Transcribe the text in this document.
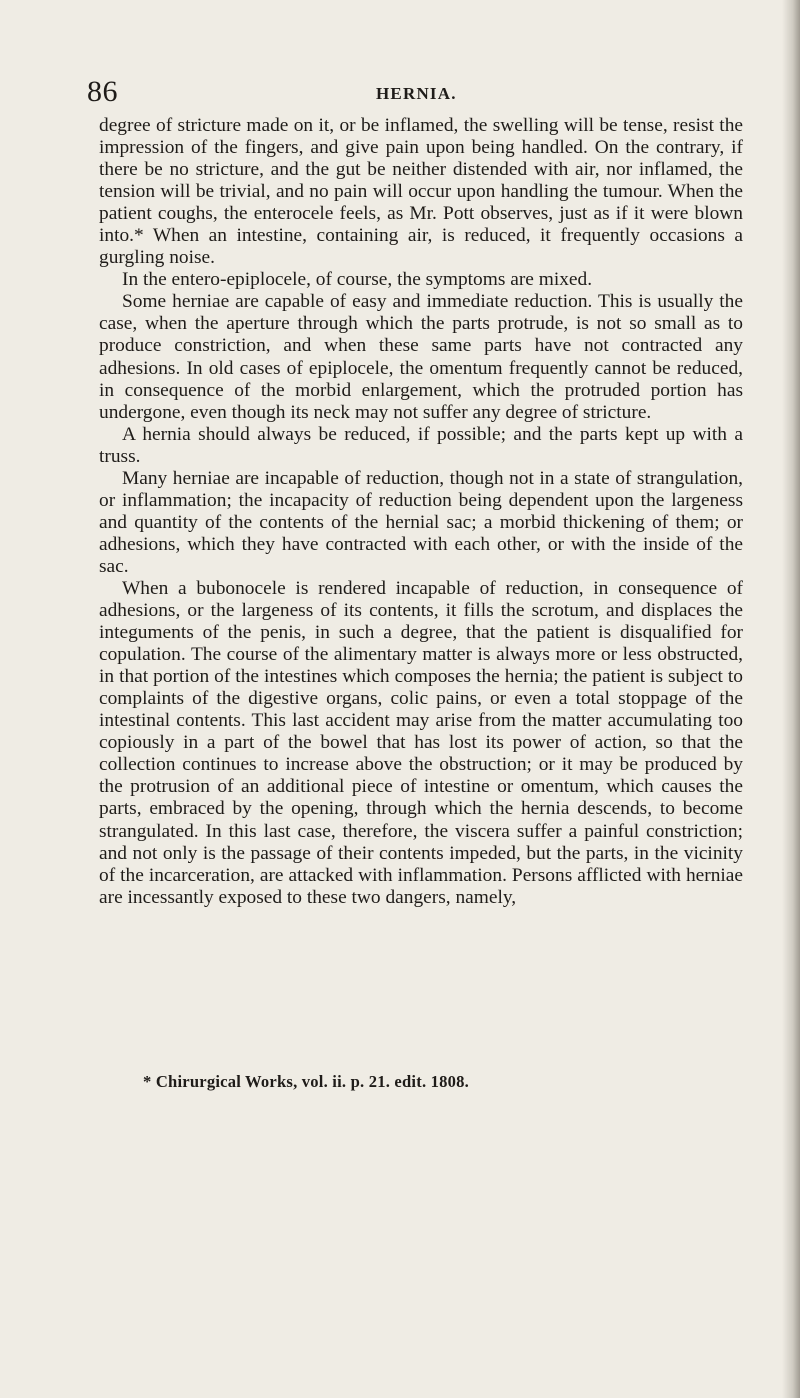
86	HERNIA.

degree of stricture made on it, or be inflamed, the swelling will be tense, resist the impression of the fingers, and give pain upon being handled. On the contrary, if there be no stricture, and the gut be neither distended with air, nor inflamed, the tension will be trivial, and no pain will occur upon handling the tumour. When the patient coughs, the enterocele feels, as Mr. Pott observes, just as if it were blown into.* When an intestine, containing air, is reduced, it frequently occasions a gurgling noise.

In the entero-epiplocele, of course, the symptoms are mixed.

Some herniae are capable of easy and immediate reduction. This is usually the case, when the aperture through which the parts protrude, is not so small as to produce constriction, and when these same parts have not contracted any adhesions. In old cases of epiplocele, the omentum frequently cannot be reduced, in consequence of the morbid enlargement, which the protruded portion has undergone, even though its neck may not suffer any degree of stricture.

A hernia should always be reduced, if possible; and the parts kept up with a truss.

Many herniae are incapable of reduction, though not in a state of strangulation, or inflammation; the incapacity of reduction being dependent upon the largeness and quantity of the contents of the hernial sac; a morbid thickening of them; or adhesions, which they have contracted with each other, or with the inside of the sac.

When a bubonocele is rendered incapable of reduction, in consequence of adhesions, or the largeness of its contents, it fills the scrotum, and displaces the integuments of the penis, in such a degree, that the patient is disqualified for copulation. The course of the alimentary matter is always more or less obstructed, in that portion of the intestines which composes the hernia; the patient is subject to complaints of the digestive organs, colic pains, or even a total stoppage of the intestinal contents. This last accident may arise from the matter accumulating too copiously in a part of the bowel that has lost its power of action, so that the collection continues to increase above the obstruction; or it may be produced by the protrusion of an additional piece of intestine or omentum, which causes the parts, embraced by the opening, through which the hernia descends, to become strangulated. In this last case, therefore, the viscera suffer a painful constriction; and not only is the passage of their contents impeded, but the parts, in the vicinity of the incarceration, are attacked with inflammation. Persons afflicted with herniae are incessantly exposed to these two dangers, namely,

* Chirurgical Works, vol. ii. p. 21. edit. 1808.
